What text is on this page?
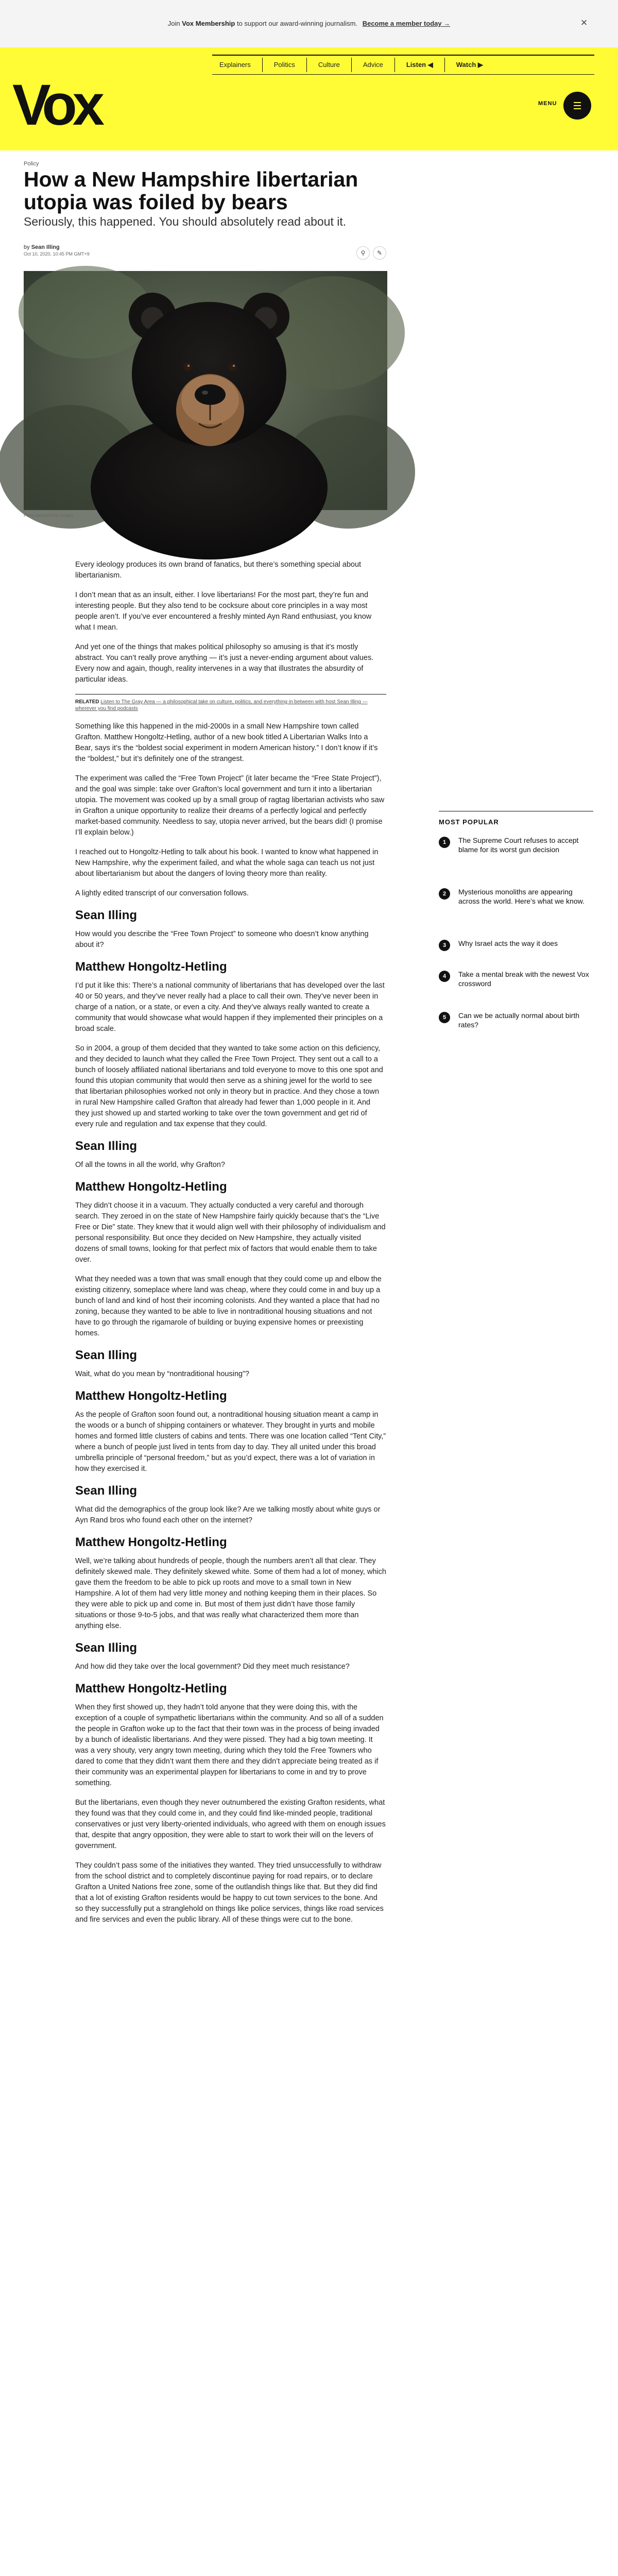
Join Vox Membership to support our award-winning journalism. Become a member today →	×
Vox
Explainers	Politics	Culture	Advice	Listen ◀	Watch ▶
MENU
Policy
How a New Hampshire libertarian utopia was foiled by bears
Seriously, this happened. You should absolutely read about it.
by Sean Illing
Oct 10, 2020, 10:45 PM GMT+9	⚲	✎
Prime beauty/Getty Images

Every ideology produces its own brand of fanatics, but there’s something special about libertarianism.

I don’t mean that as an insult, either. I love libertarians! For the most part, they’re fun and interesting people. But they also tend to be cocksure about core principles in a way most people aren’t. If you’ve ever encountered a freshly minted Ayn Rand enthusiast, you know what I mean.

And yet one of the things that makes political philosophy so amusing is that it’s mostly abstract. You can’t really prove anything — it’s just a never-ending argument about values. Every now and again, though, reality intervenes in a way that illustrates the absurdity of particular ideas.

RELATED Listen to The Gray Area — a philosophical take on culture, politics, and everything in between with host Sean Illing — wherever you find podcasts

Something like this happened in the mid-2000s in a small New Hampshire town called Grafton. Matthew Hongoltz-Hetling, author of a new book titled A Libertarian Walks Into a Bear, says it’s the “boldest social experiment in modern American history.” I don’t know if it’s the “boldest,” but it’s definitely one of the strangest.

The experiment was called the “Free Town Project” (it later became the “Free State Project”), and the goal was simple: take over Grafton’s local government and turn it into a libertarian utopia. The movement was cooked up by a small group of ragtag libertarian activists who saw in Grafton a unique opportunity to realize their dreams of a perfectly logical and perfectly market-based community. Needless to say, utopia never arrived, but the bears did! (I promise I’ll explain below.)

I reached out to Hongoltz-Hetling to talk about his book. I wanted to know what happened in New Hampshire, why the experiment failed, and what the whole saga can teach us not just about libertarianism but about the dangers of loving theory more than reality.

A lightly edited transcript of our conversation follows.

Sean Illing

How would you describe the “Free Town Project” to someone who doesn’t know anything about it?

Matthew Hongoltz-Hetling

I’d put it like this: There’s a national community of libertarians that has developed over the last 40 or 50 years, and they’ve never really had a place to call their own. They’ve never been in charge of a nation, or a state, or even a city. And they’ve always really wanted to create a community that would showcase what would happen if they implemented their principles on a broad scale.

So in 2004, a group of them decided that they wanted to take some action on this deficiency, and they decided to launch what they called the Free Town Project. They sent out a call to a bunch of loosely affiliated national libertarians and told everyone to move to this one spot and found this utopian community that would then serve as a shining jewel for the world to see that libertarian philosophies worked not only in theory but in practice. And they chose a town in rural New Hampshire called Grafton that already had fewer than 1,000 people in it. And they just showed up and started working to take over the town government and get rid of every rule and regulation and tax expense that they could.

Sean Illing

Of all the towns in all the world, why Grafton?

Matthew Hongoltz-Hetling

They didn’t choose it in a vacuum. They actually conducted a very careful and thorough search. They zeroed in on the state of New Hampshire fairly quickly because that’s the “Live Free or Die” state. They knew that it would align well with their philosophy of individualism and personal responsibility. But once they decided on New Hampshire, they actually visited dozens of small towns, looking for that perfect mix of factors that would enable them to take over.

What they needed was a town that was small enough that they could come up and elbow the existing citizenry, someplace where land was cheap, where they could come in and buy up a bunch of land and kind of host their incoming colonists. And they wanted a place that had no zoning, because they wanted to be able to live in nontraditional housing situations and not have to go through the rigamarole of building or buying expensive homes or preexisting homes.

Sean Illing

Wait, what do you mean by “nontraditional housing”?

Matthew Hongoltz-Hetling

As the people of Grafton soon found out, a nontraditional housing situation meant a camp in the woods or a bunch of shipping containers or whatever. They brought in yurts and mobile homes and formed little clusters of cabins and tents. There was one location called “Tent City,” where a bunch of people just lived in tents from day to day. They all united under this broad umbrella principle of “personal freedom,” but as you’d expect, there was a lot of variation in how they exercised it.

Sean Illing

What did the demographics of the group look like? Are we talking mostly about white guys or Ayn Rand bros who found each other on the internet?

Matthew Hongoltz-Hetling

Well, we’re talking about hundreds of people, though the numbers aren’t all that clear. They definitely skewed male. They definitely skewed white. Some of them had a lot of money, which gave them the freedom to be able to pick up roots and move to a small town in New Hampshire. A lot of them had very little money and nothing keeping them in their places. So they were able to pick up and come in. But most of them just didn’t have those family situations or those 9-to-5 jobs, and that was really what characterized them more than anything else.

Sean Illing

And how did they take over the local government? Did they meet much resistance?

Matthew Hongoltz-Hetling

When they first showed up, they hadn’t told anyone that they were doing this, with the exception of a couple of sympathetic libertarians within the community. And so all of a sudden the people in Grafton woke up to the fact that their town was in the process of being invaded by a bunch of idealistic libertarians. And they were pissed. They had a big town meeting. It was a very shouty, very angry town meeting, during which they told the Free Towners who dared to come that they didn’t want them there and they didn’t appreciate being treated as if their community was an experimental playpen for libertarians to come in and try to prove something.

But the libertarians, even though they never outnumbered the existing Grafton residents, what they found was that they could come in, and they could find like-minded people, traditional conservatives or just very liberty-oriented individuals, who agreed with them on enough issues that, despite that angry opposition, they were able to start to work their will on the levers of government.

They couldn’t pass some of the initiatives they wanted. They tried unsuccessfully to withdraw from the school district and to completely discontinue paying for road repairs, or to declare Grafton a United Nations free zone, some of the outlandish things like that. But they did find that a lot of existing Grafton residents would be happy to cut town services to the bone. And so they successfully put a stranglehold on things like police services, things like road services and fire services and even the public library. All of these things were cut to the bone.

MOST POPULAR
1	The Supreme Court refuses to accept blame for its worst gun decision
2	Mysterious monoliths are appearing across the world. Here’s what we know.
3	Why Israel acts the way it does
4	Take a mental break with the newest Vox crossword
5	Can we be actually normal about birth rates?
